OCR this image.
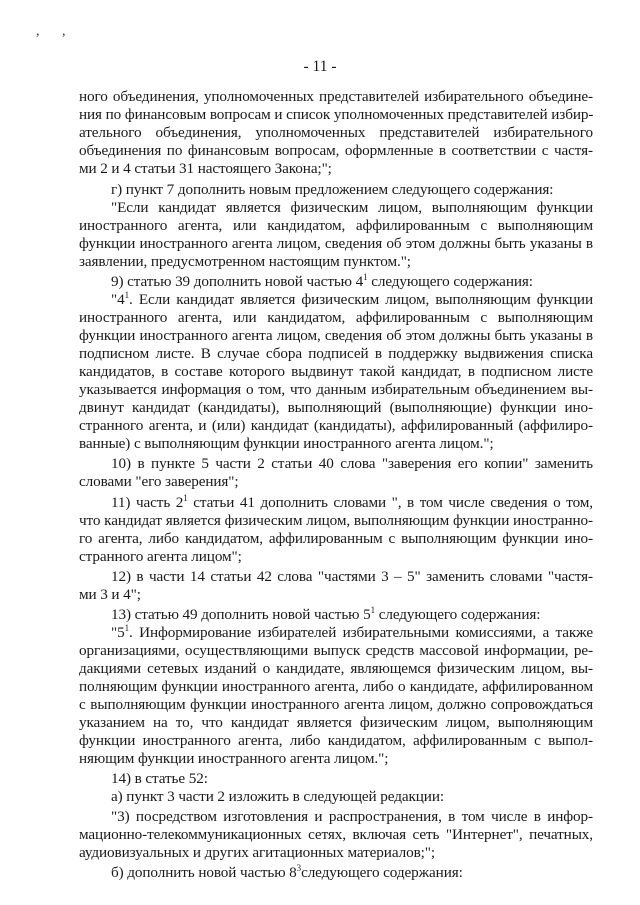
, ,
- 11 -
ного объединения, уполномоченных представителей избирательного объедине-
ния по финансовым вопросам и список уполномоченных представителей избир-
ательного объединения, уполномоченных представителей избирательного
объединения по финансовым вопросам, оформленные в соответствии с частя-
ми 2 и 4 статьи 31 настоящего Закона;";
г) пункт 7 дополнить новым предложением следующего содержания:
"Если кандидат является физическим лицом, выполняющим функции
иностранного агента, или кандидатом, аффилированным с выполняющим
функции иностранного агента лицом, сведения об этом должны быть указаны в
заявлении, предусмотренном настоящим пунктом.";
9) статью 39 дополнить новой частью $4^1$ следующего содержания:
"$4^1$. Если кандидат является физическим лицом, выполняющим функции
иностранного агента, или кандидатом, аффилированным с выполняющим
функции иностранного агента лицом, сведения об этом должны быть указаны в
подписном листе. В случае сбора подписей в поддержку выдвижения списка
кандидатов, в составе которого выдвинут такой кандидат, в подписном листе
указывается информация о том, что данным избирательным объединением вы-
двинут кандидат (кандидаты), выполняющий (выполняющие) функции ино-
странного агента, и (или) кандидат (кандидаты), аффилированный (аффилиро-
ванные) с выполняющим функции иностранного агента лицом.";
10) в пункте 5 части 2 статьи 40 слова "заверения его копии" заменить
словами "его заверения";
11) часть $2^1$ статьи 41 дополнить словами ", в том числе сведения о том,
что кандидат является физическим лицом, выполняющим функции иностранно-
го агента, либо кандидатом, аффилированным с выполняющим функции ино-
странного агента лицом";
12) в части 14 статьи 42 слова "частями 3 – 5" заменить словами "частя-
ми 3 и 4";
13) статью 49 дополнить новой частью $5^1$ следующего содержания:
"$5^1$. Информирование избирателей избирательными комиссиями, а также
организациями, осуществляющими выпуск средств массовой информации, ре-
дакциями сетевых изданий о кандидате, являющемся физическим лицом, вы-
полняющим функции иностранного агента, либо о кандидате, аффилированном
с выполняющим функции иностранного агента лицом, должно сопровождаться
указанием на то, что кандидат является физическим лицом, выполняющим
функции иностранного агента, либо кандидатом, аффилированным с выпол-
няющим функции иностранного агента лицом.";
14) в статье 52:
а) пункт 3 части 2 изложить в следующей редакции:
"3) посредством изготовления и распространения, в том числе в инфор-
мационно-телекоммуникационных сетях, включая сеть "Интернет", печатных,
аудиовизуальных и других агитационных материалов;";
б) дополнить новой частью $8^3следующего$ содержания:
